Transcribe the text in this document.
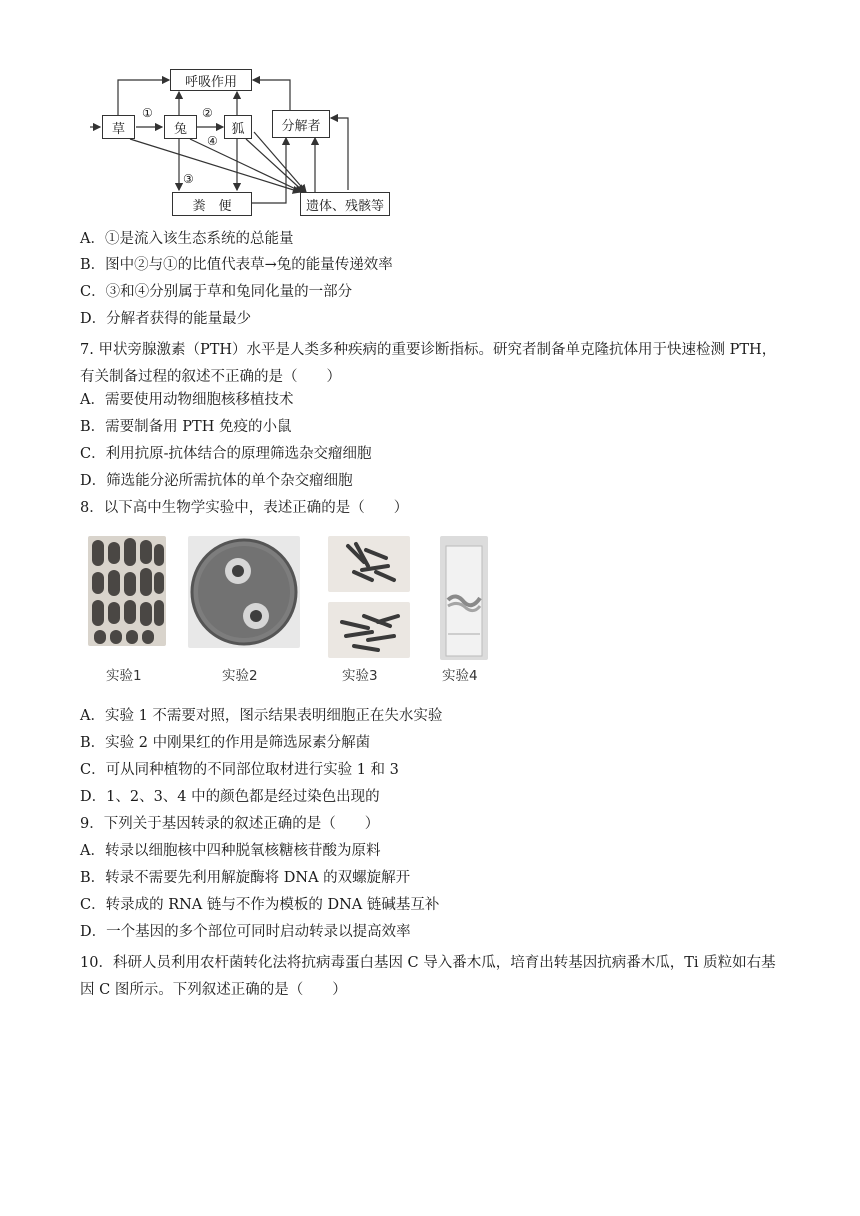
呼吸作用
草	兔	狐	分解者
粪　便	遗体、残骸等
①	②
③
④
A．①是流入该生态系统的总能量
B．图中②与①的比值代表草→兔的能量传递效率
C．③和④分别属于草和兔同化量的一部分
D．分解者获得的能量最少
7. 甲状旁腺激素（PTH）水平是人类多种疾病的重要诊断指标。研究者制备单克隆抗体用于快速检测 PTH，有关制备过程的叙述不正确的是（　　）
A．需要使用动物细胞核移植技术
B．需要制备用 PTH 免疫的小鼠
C．利用抗原-抗体结合的原理筛选杂交瘤细胞
D．筛选能分泌所需抗体的单个杂交瘤细胞
8．以下高中生物学实验中，表述正确的是（　　）
实验1	实验2	实验3	实验4
A．实验 1 不需要对照，图示结果表明细胞正在失水实验
B．实验 2 中刚果红的作用是筛选尿素分解菌
C．可从同种植物的不同部位取材进行实验 1 和 3
D．1、2、3、4 中的颜色都是经过染色出现的
9．下列关于基因转录的叙述正确的是（　　）
A．转录以细胞核中四种脱氧核糖核苷酸为原料
B．转录不需要先利用解旋酶将 DNA 的双螺旋解开
C．转录成的 RNA 链与不作为模板的 DNA 链碱基互补
D．一个基因的多个部位可同时启动转录以提高效率
10．科研人员利用农杆菌转化法将抗病毒蛋白基因 C 导入番木瓜，培育出转基因抗病番木瓜，Ti 质粒如右基因 C 图所示。下列叙述正确的是（　　）
